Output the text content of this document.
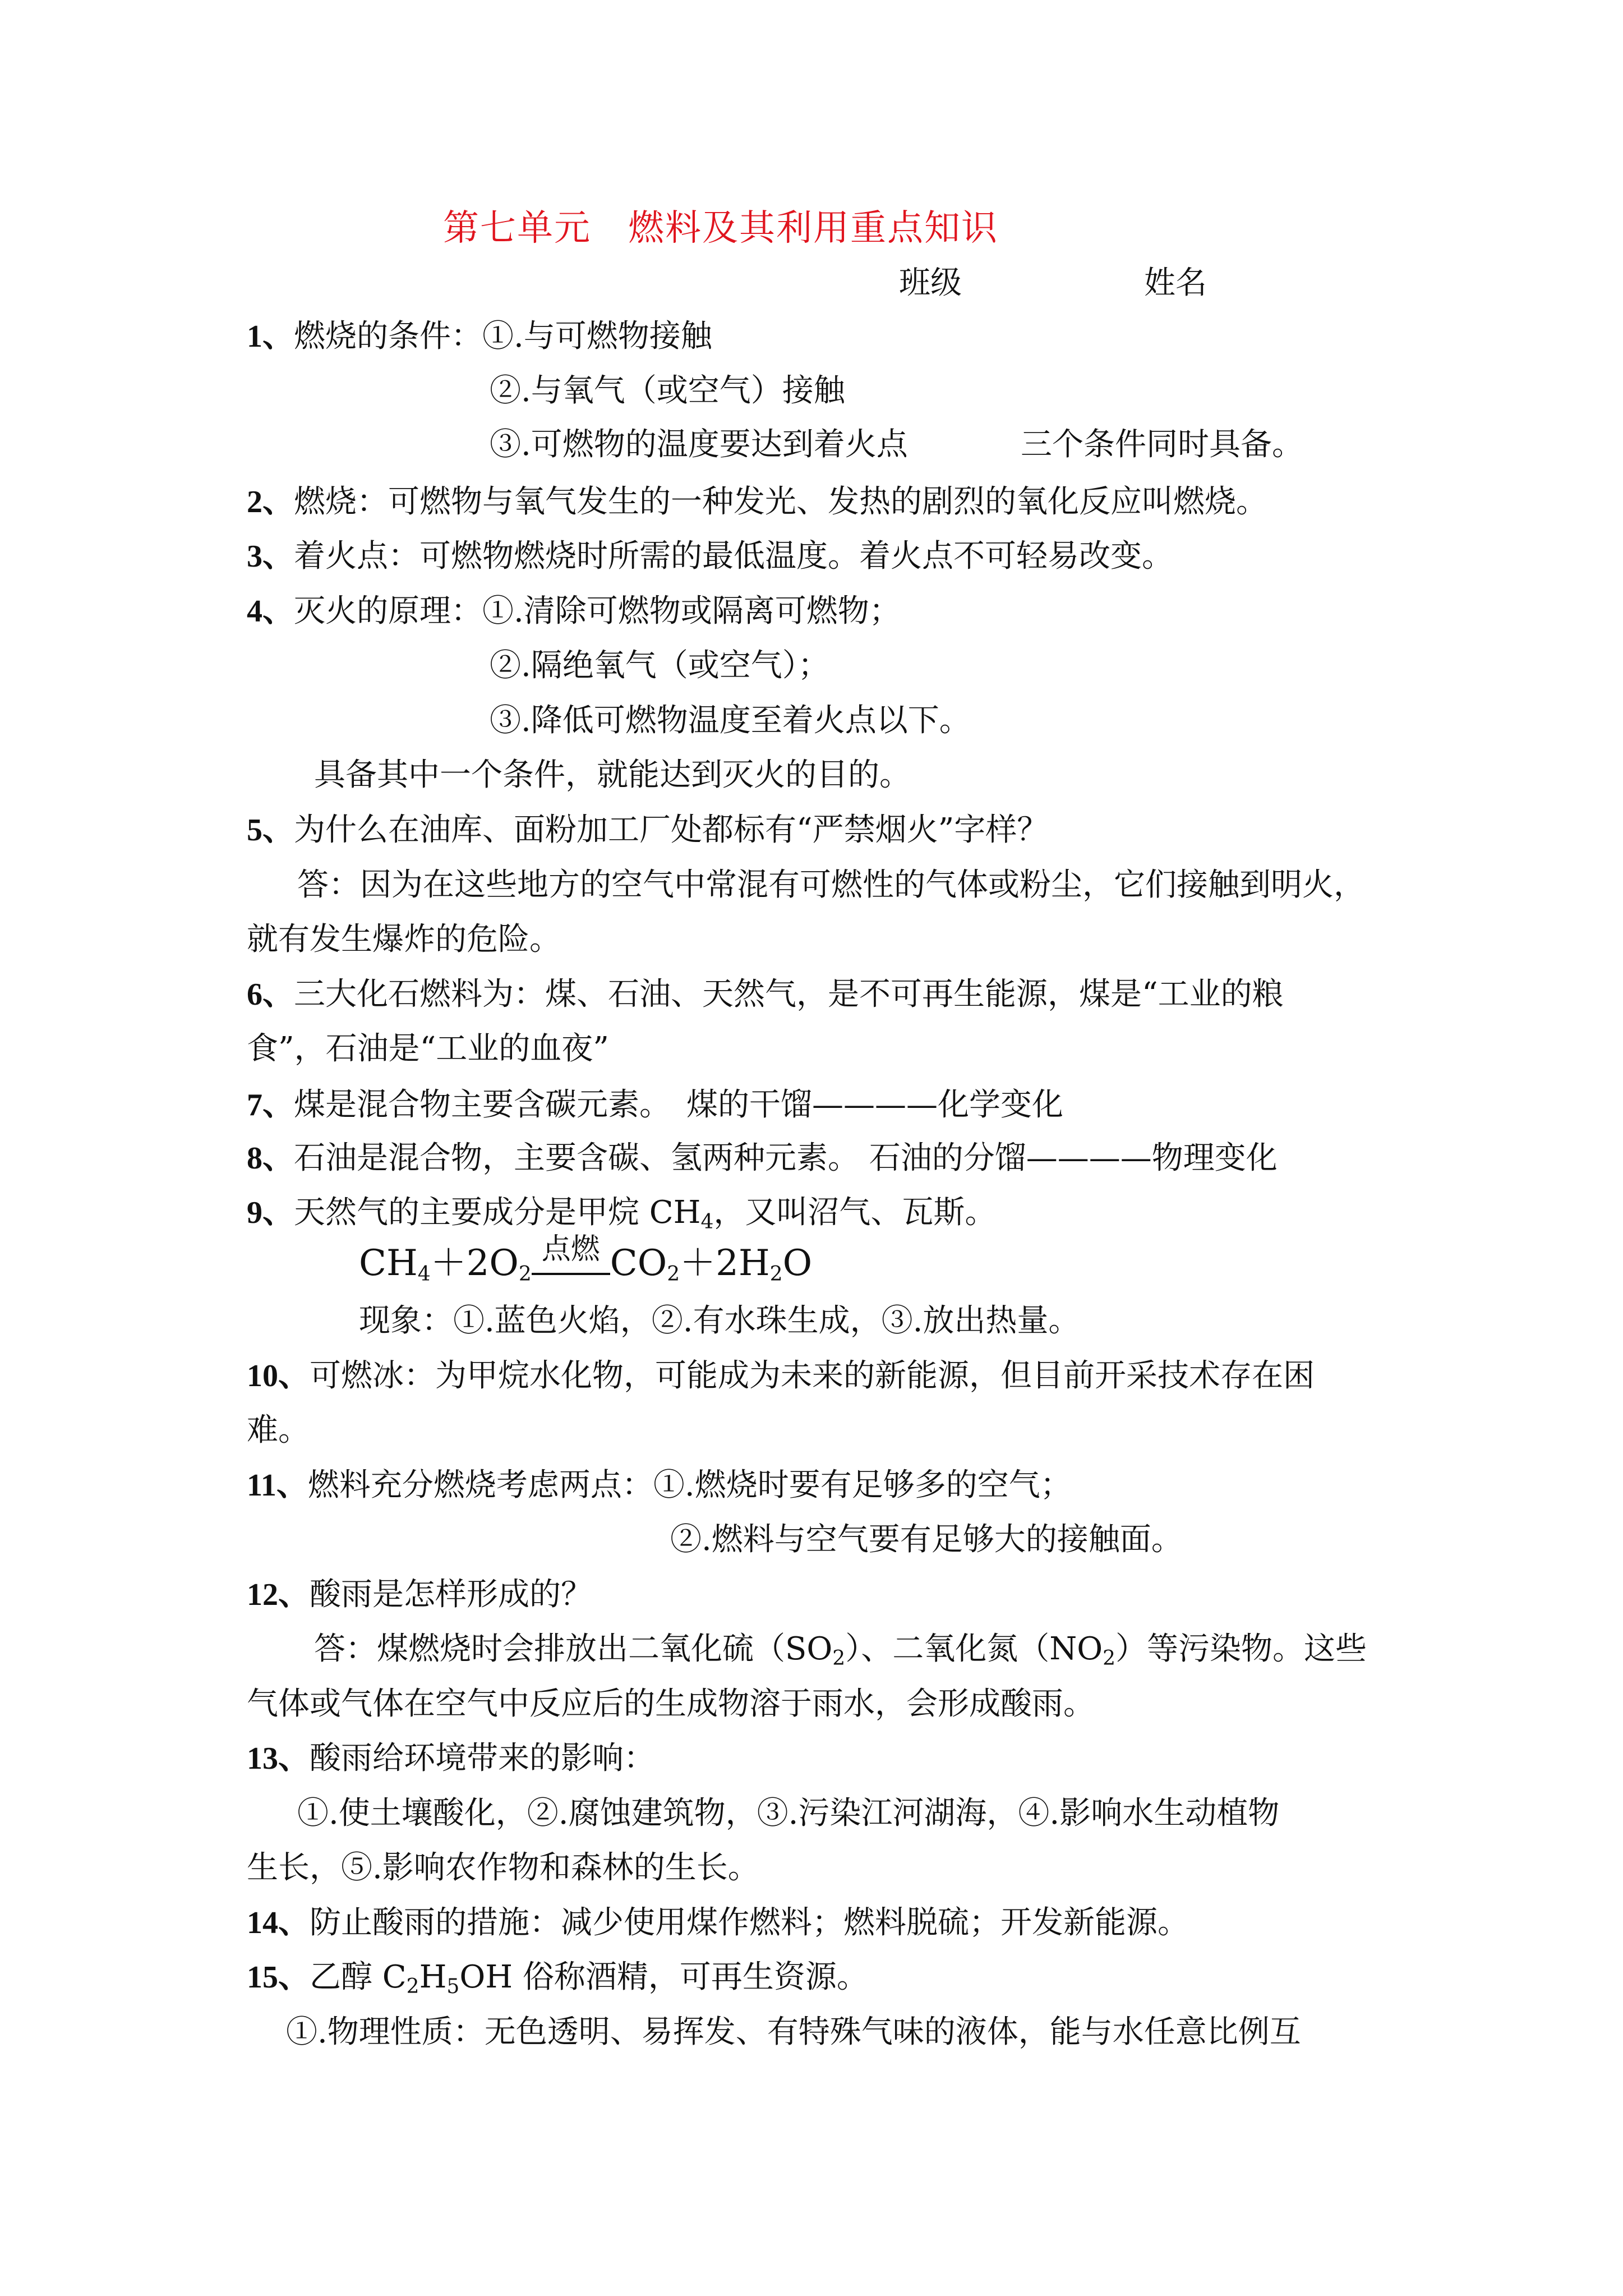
第七单元　燃料及其利用重点知识
班级	姓名
1、燃烧的条件：①.与可燃物接触
②.与氧气（或空气）接触
③.可燃物的温度要达到着火点	三个条件同时具备。
2、燃烧：可燃物与氧气发生的一种发光、发热的剧烈的氧化反应叫燃烧。
3、着火点：可燃物燃烧时所需的最低温度。着火点不可轻易改变。
4、灭火的原理：①.清除可燃物或隔离可燃物；
②.隔绝氧气（或空气）；
③.降低可燃物温度至着火点以下。
具备其中一个条件，就能达到灭火的目的。
5、为什么在油库、面粉加工厂处都标有“严禁烟火”字样？
答：因为在这些地方的空气中常混有可燃性的气体或粉尘，它们接触到明火，
就有发生爆炸的危险。
6、三大化石燃料为：煤、石油、天然气，是不可再生能源，煤是“工业的粮
食”，石油是“工业的血夜”
7、煤是混合物主要含碳元素。　煤的干馏————化学变化
8、石油是混合物，主要含碳、氢两种元素。 石油的分馏————物理变化
9、天然气的主要成分是甲烷 $CH_4$，又叫沼气、瓦斯。
$CH_4+2O_2$
点燃 $CO_2+2H_2O$
现象：①.蓝色火焰，②.有水珠生成，③.放出热量。
10、可燃冰：为甲烷水化物，可能成为未来的新能源，但目前开采技术存在困
难。
11、燃料充分燃烧考虑两点：①.燃烧时要有足够多的空气；
②.燃料与空气要有足够大的接触面。
12、酸雨是怎样形成的？
答：煤燃烧时会排放出二氧化硫$(SO_2)$、二氧化氮$(NO_2)$等污染物。这些
气体或气体在空气中反应后的生成物溶于雨水，会形成酸雨。
13、酸雨给环境带来的影响：
①.使土壤酸化，②.腐蚀建筑物，③.污染江河湖海，④.影响水生动植物
生长，⑤.影响农作物和森林的生长。
14、防止酸雨的措施：减少使用煤作燃料；燃料脱硫；开发新能源。
15、乙醇 $C_2H_5OH$ 俗称酒精，可再生资源。
①.物理性质：无色透明、易挥发、有特殊气味的液体，能与水任意比例互
